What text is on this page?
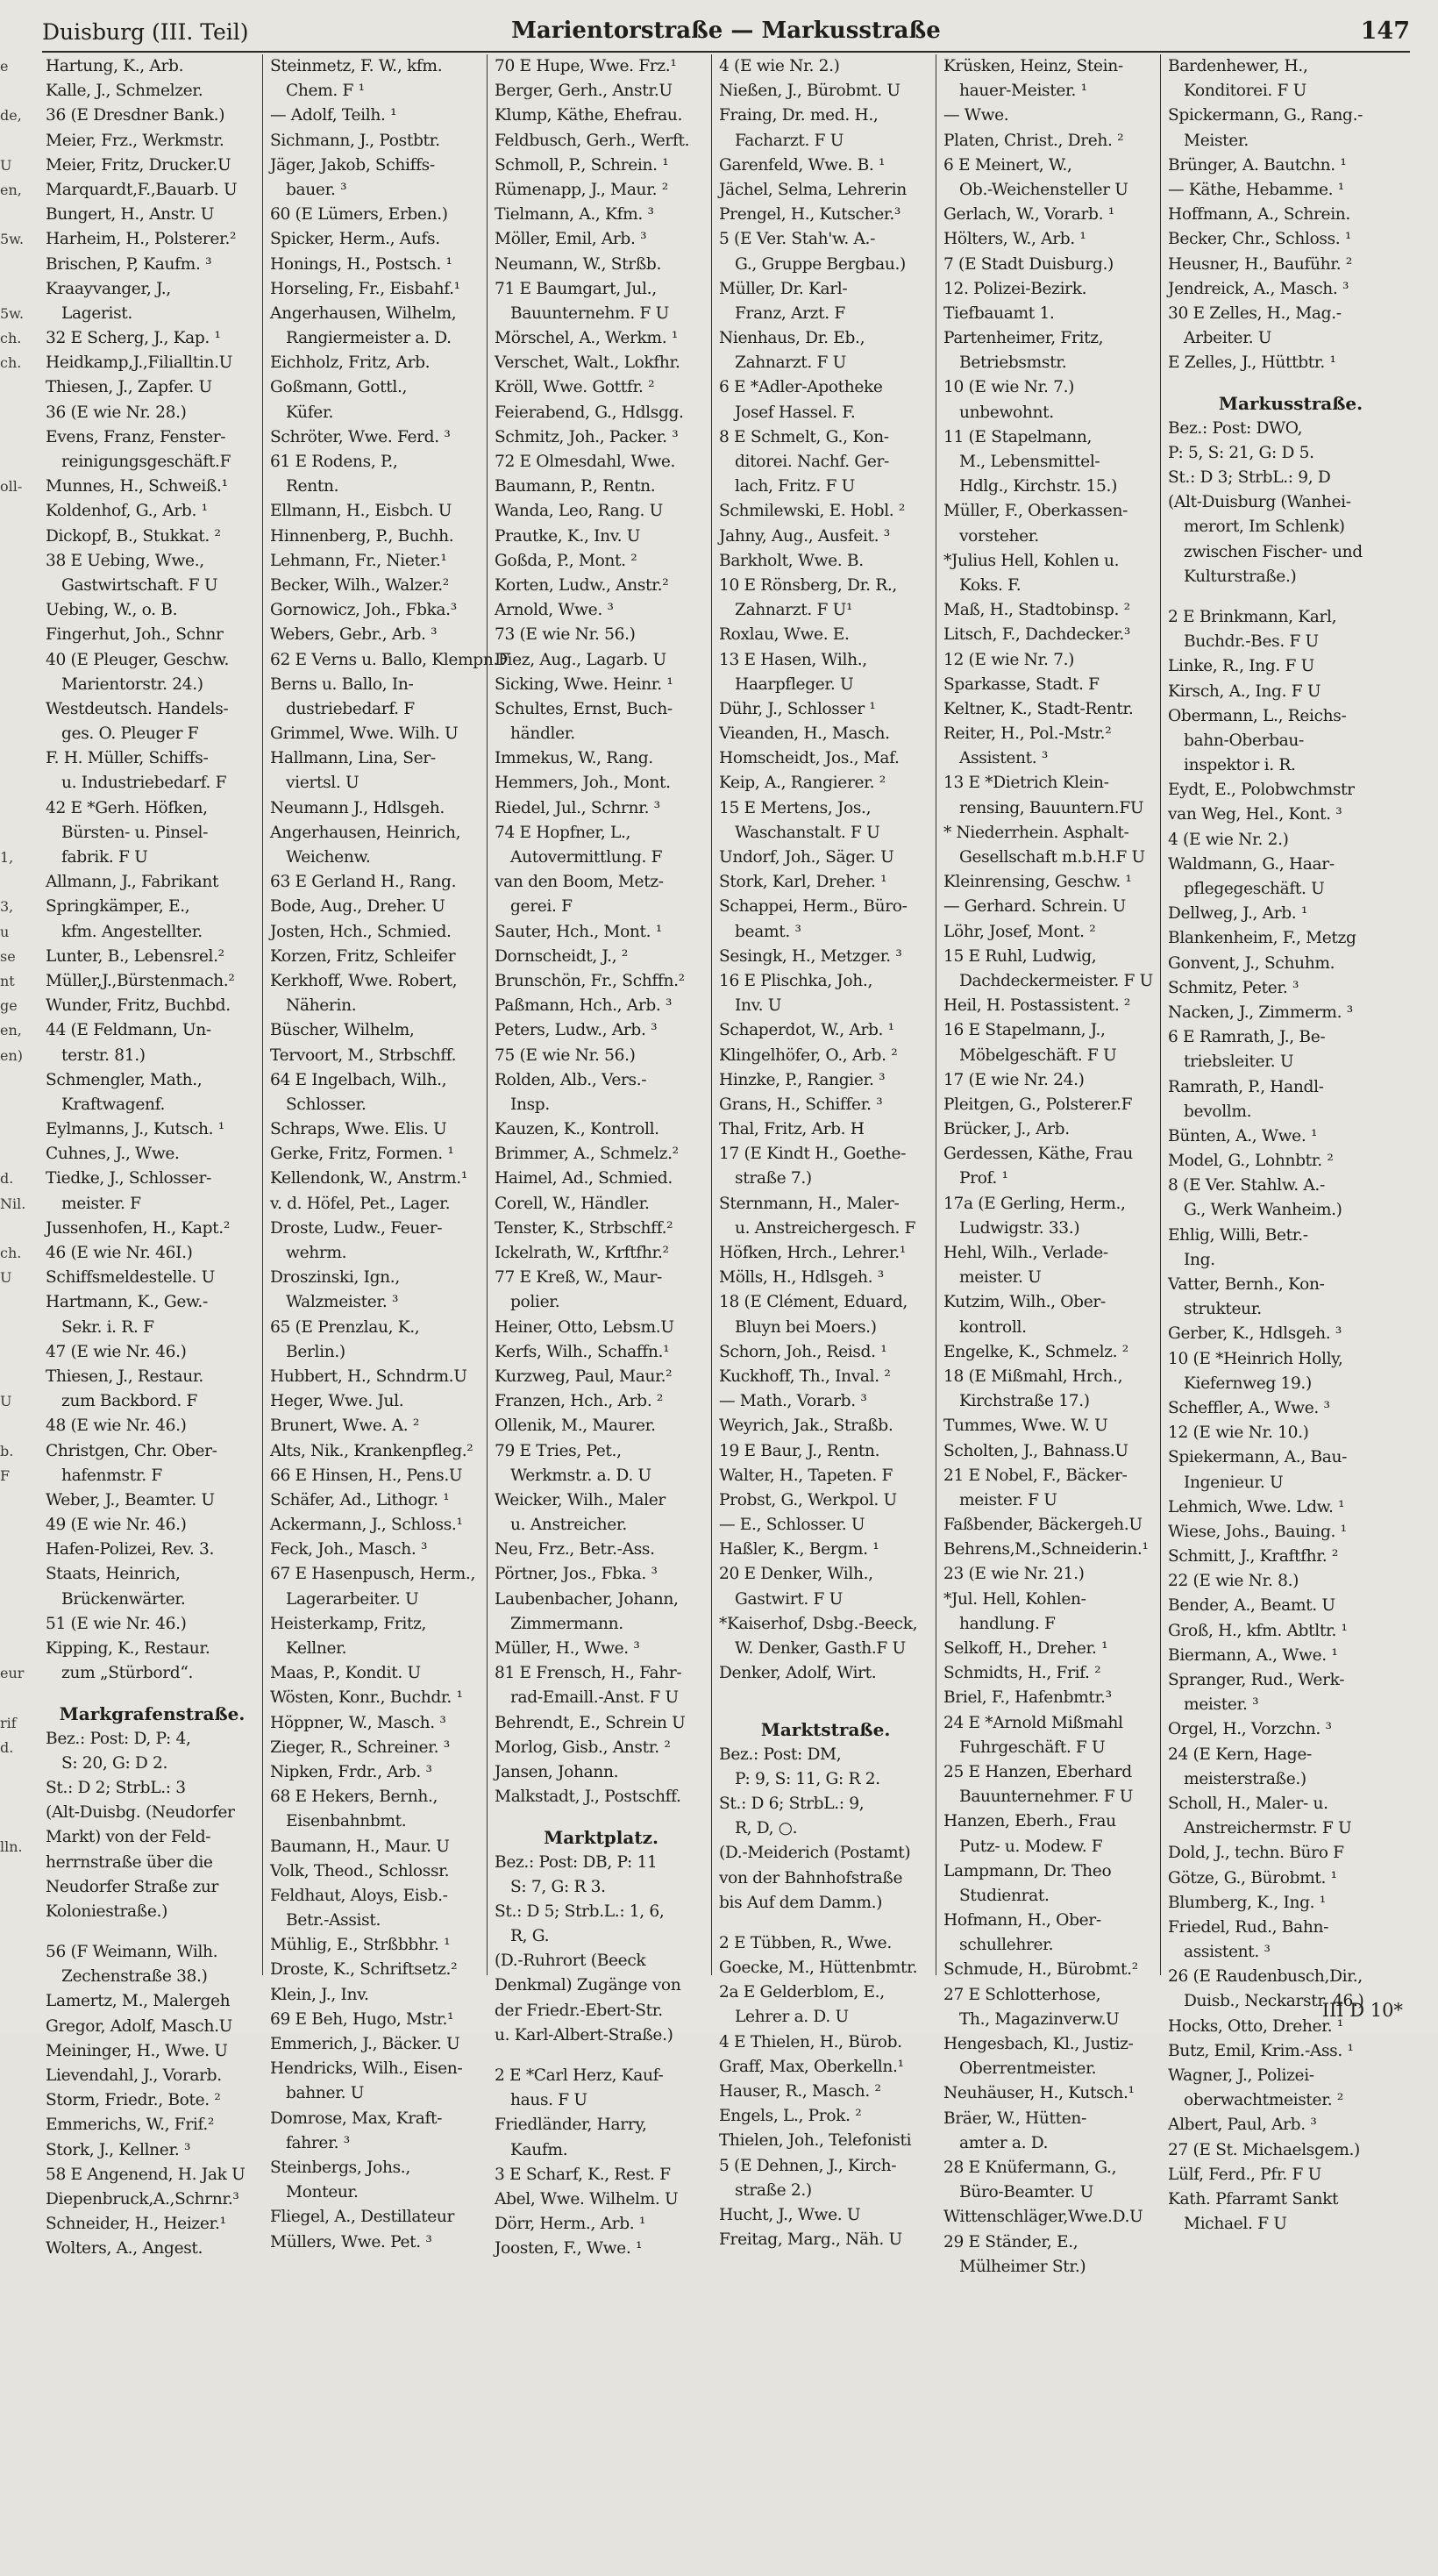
e
de,
U
en,
5w.
5w.
ch.
ch.
oll-
1,
3,
u
se
nt
ge
en,
en)
d.
Nil.
ch.
U
U
b.
F
eur
rif
d.
lln.
Duisburg (III. Teil)	Marientorstraße — Markusstraße	147
Hartung, K., Arb.
Kalle, J., Schmelzer.
36 (E Dresdner Bank.)
Meier, Frz., Werkmstr.
Meier, Fritz, Drucker.U
Marquardt,F.,Bauarb. U
Bungert, H., Anstr. U
Harheim, H., Polsterer.²
Brischen, P, Kaufm. ³
Kraayvanger, J.,
Lagerist.
32 E Scherg, J., Kap. ¹
Heidkamp,J.,Filialltin.U
Thiesen, J., Zapfer. U
36 (E wie Nr. 28.)
Evens, Franz, Fenster-
reinigungsgeschäft.F
Munnes, H., Schweiß.¹
Koldenhof, G., Arb. ¹
Dickopf, B., Stukkat. ²
38 E Uebing, Wwe.,
Gastwirtschaft. F U
Uebing, W., o. B.
Fingerhut, Joh., Schnr
40 (E Pleuger, Geschw.
Marientorstr. 24.)
Westdeutsch. Handels-
ges. O. Pleuger F
F. H. Müller, Schiffs-
u. Industriebedarf. F
42 E *Gerh. Höfken,
Bürsten- u. Pinsel-
fabrik. F U
Allmann, J., Fabrikant
Springkämper, E.,
kfm. Angestellter.
Lunter, B., Lebensrel.²
Müller,J.,Bürstenmach.²
Wunder, Fritz, Buchbd.
44 (E Feldmann, Un-
terstr. 81.)
Schmengler, Math.,
Kraftwagenf.
Eylmanns, J., Kutsch. ¹
Cuhnes, J., Wwe.
Tiedke, J., Schlosser-
meister. F
Jussenhofen, H., Kapt.²
46 (E wie Nr. 46I.)
Schiffsmeldestelle. U
Hartmann, K., Gew.-
Sekr. i. R. F
47 (E wie Nr. 46.)
Thiesen, J., Restaur.
zum Backbord. F
48 (E wie Nr. 46.)
Christgen, Chr. Ober-
hafenmstr. F
Weber, J., Beamter. U
49 (E wie Nr. 46.)
Hafen-Polizei, Rev. 3.
Staats, Heinrich,
Brückenwärter.
51 (E wie Nr. 46.)
Kipping, K., Restaur.
zum „Stürbord“.
Markgrafenstraße.
Bez.: Post: D, P: 4,
S: 20, G: D 2.
St.: D 2; StrbL.: 3
(Alt-Duisbg. (Neudorfer
Markt) von der Feld-
herrnstraße über die
Neudorfer Straße zur
Koloniestraße.)
56 (F Weimann, Wilh.
Zechenstraße 38.)
Lamertz, M., Malergeh
Gregor, Adolf, Masch.U
Meininger, H., Wwe. U
Lievendahl, J., Vorarb.
Storm, Friedr., Bote. ²
Emmerichs, W., Frif.²
Stork, J., Kellner. ³
58 E Angenend, H. Jak U
Diepenbruck,A.,Schrnr.³
Schneider, H., Heizer.¹
Wolters, A., Angest.
Steinmetz, F. W., kfm.
Chem. F ¹
— Adolf, Teilh. ¹
Sichmann, J., Postbtr.
Jäger, Jakob, Schiffs-
bauer. ³
60 (E Lümers, Erben.)
Spicker, Herm., Aufs.
Honings, H., Postsch. ¹
Horseling, Fr., Eisbahf.¹
Angerhausen, Wilhelm,
Rangiermeister a. D.
Eichholz, Fritz, Arb.
Goßmann, Gottl.,
Küfer.
Schröter, Wwe. Ferd. ³
61 E Rodens, P.,
Rentn.
Ellmann, H., Eisbch. U
Hinnenberg, P., Buchh.
Lehmann, Fr., Nieter.¹
Becker, Wilh., Walzer.²
Gornowicz, Joh., Fbka.³
Webers, Gebr., Arb. ³
62 E Verns u. Ballo, Klempn.F
Berns u. Ballo, In-
dustriebedarf. F
Grimmel, Wwe. Wilh. U
Hallmann, Lina, Ser-
viertsl. U
Neumann J., Hdlsgeh.
Angerhausen, Heinrich,
Weichenw.
63 E Gerland H., Rang.
Bode, Aug., Dreher. U
Josten, Hch., Schmied.
Korzen, Fritz, Schleifer
Kerkhoff, Wwe. Robert,
Näherin.
Büscher, Wilhelm,
Tervoort, M., Strbschff.
64 E Ingelbach, Wilh.,
Schlosser.
Schraps, Wwe. Elis. U
Gerke, Fritz, Formen. ¹
Kellendonk, W., Anstrm.¹
v. d. Höfel, Pet., Lager.
Droste, Ludw., Feuer-
wehrm.
Droszinski, Ign.,
Walzmeister. ³
65 (E Prenzlau, K.,
Berlin.)
Hubbert, H., Schndrm.U
Heger, Wwe. Jul.
Brunert, Wwe. A. ²
Alts, Nik., Krankenpfleg.²
66 E Hinsen, H., Pens.U
Schäfer, Ad., Lithogr. ¹
Ackermann, J., Schloss.¹
Feck, Joh., Masch. ³
67 E Hasenpusch, Herm.,
Lagerarbeiter. U
Heisterkamp, Fritz,
Kellner.
Maas, P., Kondit. U
Wösten, Konr., Buchdr. ¹
Höppner, W., Masch. ³
Zieger, R., Schreiner. ³
Nipken, Frdr., Arb. ³
68 E Hekers, Bernh.,
Eisenbahnbmt.
Baumann, H., Maur. U
Volk, Theod., Schlossr.
Feldhaut, Aloys, Eisb.-
Betr.-Assist.
Mühlig, E., Strßbbhr. ¹
Droste, K., Schriftsetz.²
Klein, J., Inv.
69 E Beh, Hugo, Mstr.¹
Emmerich, J., Bäcker. U
Hendricks, Wilh., Eisen-
bahner. U
Domrose, Max, Kraft-
fahrer. ³
Steinbergs, Johs.,
Monteur.
Fliegel, A., Destillateur
Müllers, Wwe. Pet. ³
70 E Hupe, Wwe. Frz.¹
Berger, Gerh., Anstr.U
Klump, Käthe, Ehefrau.
Feldbusch, Gerh., Werft.
Schmoll, P., Schrein. ¹
Rümenapp, J., Maur. ²
Tielmann, A., Kfm. ³
Möller, Emil, Arb. ³
Neumann, W., Strßb.
71 E Baumgart, Jul.,
Bauunternehm. F U
Mörschel, A., Werkm. ¹
Verschet, Walt., Lokfhr.
Kröll, Wwe. Gottfr. ²
Feierabend, G., Hdlsgg.
Schmitz, Joh., Packer. ³
72 E Olmesdahl, Wwe.
Baumann, P., Rentn.
Wanda, Leo, Rang. U
Prautke, K., Inv. U
Goßda, P., Mont. ²
Korten, Ludw., Anstr.²
Arnold, Wwe. ³
73 (E wie Nr. 56.)
Diez, Aug., Lagarb. U
Sicking, Wwe. Heinr. ¹
Schultes, Ernst, Buch-
händler.
Immekus, W., Rang.
Hemmers, Joh., Mont.
Riedel, Jul., Schrnr. ³
74 E Hopfner, L.,
Autovermittlung. F
van den Boom, Metz-
gerei. F
Sauter, Hch., Mont. ¹
Dornscheidt, J., ²
Brunschön, Fr., Schffn.²
Paßmann, Hch., Arb. ³
Peters, Ludw., Arb. ³
75 (E wie Nr. 56.)
Rolden, Alb., Vers.-
Insp.
Kauzen, K., Kontroll.
Brimmer, A., Schmelz.²
Haimel, Ad., Schmied.
Corell, W., Händler.
Tenster, K., Strbschff.²
Ickelrath, W., Krftfhr.²
77 E Kreß, W., Maur-
polier.
Heiner, Otto, Lebsm.U
Kerfs, Wilh., Schaffn.¹
Kurzweg, Paul, Maur.²
Franzen, Hch., Arb. ²
Ollenik, M., Maurer.
79 E Tries, Pet.,
Werkmstr. a. D. U
Weicker, Wilh., Maler
u. Anstreicher.
Neu, Frz., Betr.-Ass.
Pörtner, Jos., Fbka. ³
Laubenbacher, Johann,
Zimmermann.
Müller, H., Wwe. ³
81 E Frensch, H., Fahr-
rad-Emaill.-Anst. F U
Behrendt, E., Schrein U
Morlog, Gisb., Anstr. ²
Jansen, Johann.
Malkstadt, J., Postschff.
Marktplatz.
Bez.: Post: DB, P: 11
S: 7, G: R 3.
St.: D 5; Strb.L.: 1, 6,
R, G.
(D.-Ruhrort (Beeck
Denkmal) Zugänge von
der Friedr.-Ebert-Str.
u. Karl-Albert-Straße.)
2 E *Carl Herz, Kauf-
haus. F U
Friedländer, Harry,
Kaufm.
3 E Scharf, K., Rest. F
Abel, Wwe. Wilhelm. U
Dörr, Herm., Arb. ¹
Joosten, F., Wwe. ¹
4 (E wie Nr. 2.)
Nießen, J., Bürobmt. U
Fraing, Dr. med. H.,
Facharzt. F U
Garenfeld, Wwe. B. ¹
Jächel, Selma, Lehrerin
Prengel, H., Kutscher.³
5 (E Ver. Stah'w. A.-
G., Gruppe Bergbau.)
Müller, Dr. Karl-
Franz, Arzt. F
Nienhaus, Dr. Eb.,
Zahnarzt. F U
6 E *Adler-Apotheke
Josef Hassel. F.
8 E Schmelt, G., Kon-
ditorei. Nachf. Ger-
lach, Fritz. F U
Schmilewski, E. Hobl. ²
Jahny, Aug., Ausfeit. ³
Barkholt, Wwe. B.
10 E Rönsberg, Dr. R.,
Zahnarzt. F U¹
Roxlau, Wwe. E.
13 E Hasen, Wilh.,
Haarpfleger. U
Dühr, J., Schlosser ¹
Vieanden, H., Masch.
Homscheidt, Jos., Maf.
Keip, A., Rangierer. ²
15 E Mertens, Jos.,
Waschanstalt. F U
Undorf, Joh., Säger. U
Stork, Karl, Dreher. ¹
Schappei, Herm., Büro-
beamt. ³
Sesingk, H., Metzger. ³
16 E Plischka, Joh.,
Inv. U
Schaperdot, W., Arb. ¹
Klingelhöfer, O., Arb. ²
Hinzke, P., Rangier. ³
Grans, H., Schiffer. ³
Thal, Fritz, Arb. H
17 (E Kindt H., Goethe-
straße 7.)
Sternmann, H., Maler-
u. Anstreichergesch. F
Höfken, Hrch., Lehrer.¹
Mölls, H., Hdlsgeh. ³
18 (E Clément, Eduard,
Bluyn bei Moers.)
Schorn, Joh., Reisd. ¹
Kuckhoff, Th., Inval. ²
— Math., Vorarb. ³
Weyrich, Jak., Straßb.
19 E Baur, J., Rentn.
Walter, H., Tapeten. F
Probst, G., Werkpol. U
— E., Schlosser. U
Haßler, K., Bergm. ¹
20 E Denker, Wilh.,
Gastwirt. F U
*Kaiserhof, Dsbg.-Beeck,
W. Denker, Gasth.F U
Denker, Adolf, Wirt.
Marktstraße.
Bez.: Post: DM,
P: 9, S: 11, G: R 2.
St.: D 6; StrbL.: 9,
R, D, ○.
(D.-Meiderich (Postamt)
von der Bahnhofstraße
bis Auf dem Damm.)
2 E Tübben, R., Wwe.
Goecke, M., Hüttenbmtr.
2a E Gelderblom, E.,
Lehrer a. D. U
4 E Thielen, H., Bürob.
Graff, Max, Oberkelln.¹
Hauser, R., Masch. ²
Engels, L., Prok. ²
Thielen, Joh., Telefonisti
5 (E Dehnen, J., Kirch-
straße 2.)
Hucht, J., Wwe. U
Freitag, Marg., Näh. U
Krüsken, Heinz, Stein-
hauer-Meister. ¹
— Wwe.
Platen, Christ., Dreh. ²
6 E Meinert, W.,
Ob.-Weichensteller U
Gerlach, W., Vorarb. ¹
Hölters, W., Arb. ¹
7 (E Stadt Duisburg.)
12. Polizei-Bezirk.
Tiefbauamt 1.
Partenheimer, Fritz,
Betriebsmstr.
10 (E wie Nr. 7.)
unbewohnt.
11 (E Stapelmann,
M., Lebensmittel-
Hdlg., Kirchstr. 15.)
Müller, F., Oberkassen-
vorsteher.
*Julius Hell, Kohlen u.
Koks. F.
Maß, H., Stadtobinsp. ²
Litsch, F., Dachdecker.³
12 (E wie Nr. 7.)
Sparkasse, Stadt. F
Keltner, K., Stadt-Rentr.
Reiter, H., Pol.-Mstr.²
Assistent. ³
13 E *Dietrich Klein-
rensing, Bauuntern.FU
* Niederrhein. Asphalt-
Gesellschaft m.b.H.F U
Kleinrensing, Geschw. ¹
— Gerhard. Schrein. U
Löhr, Josef, Mont. ²
15 E Ruhl, Ludwig,
Dachdeckermeister. F U
Heil, H. Postassistent. ²
16 E Stapelmann, J.,
Möbelgeschäft. F U
17 (E wie Nr. 24.)
Pleitgen, G., Polsterer.F
Brücker, J., Arb.
Gerdessen, Käthe, Frau
Prof. ¹
17a (E Gerling, Herm.,
Ludwigstr. 33.)
Hehl, Wilh., Verlade-
meister. U
Kutzim, Wilh., Ober-
kontroll.
Engelke, K., Schmelz. ²
18 (E Mißmahl, Hrch.,
Kirchstraße 17.)
Tummes, Wwe. W. U
Scholten, J., Bahnass.U
21 E Nobel, F., Bäcker-
meister. F U
Faßbender, Bäckergeh.U
Behrens,M.,Schneiderin.¹
23 (E wie Nr. 21.)
*Jul. Hell, Kohlen-
handlung. F
Selkoff, H., Dreher. ¹
Schmidts, H., Frif. ²
Briel, F., Hafenbmtr.³
24 E *Arnold Mißmahl
Fuhrgeschäft. F U
25 E Hanzen, Eberhard
Bauunternehmer. F U
Hanzen, Eberh., Frau
Putz- u. Modew. F
Lampmann, Dr. Theo
Studienrat.
Hofmann, H., Ober-
schullehrer.
Schmude, H., Bürobmt.²
27 E Schlotterhose,
Th., Magazinverw.U
Hengesbach, Kl., Justiz-
Oberrentmeister.
Neuhäuser, H., Kutsch.¹
Bräer, W., Hütten-
amter a. D.
28 E Knüfermann, G.,
Büro-Beamter. U
Wittenschläger,Wwe.D.U
29 E Ständer, E.,
Mülheimer Str.)
Bardenhewer, H.,
Konditorei. F U
Spickermann, G., Rang.-
Meister.
Brünger, A. Bautchn. ¹
— Käthe, Hebamme. ¹
Hoffmann, A., Schrein.
Becker, Chr., Schloss. ¹
Heusner, H., Bauführ. ²
Jendreick, A., Masch. ³
30 E Zelles, H., Mag.-
Arbeiter. U
E Zelles, J., Hüttbtr. ¹
Markusstraße.
Bez.: Post: DWO,
P: 5, S: 21, G: D 5.
St.: D 3; StrbL.: 9, D
(Alt-Duisburg (Wanhei-
merort, Im Schlenk)
zwischen Fischer- und
Kulturstraße.)
2 E Brinkmann, Karl,
Buchdr.-Bes. F U
Linke, R., Ing. F U
Kirsch, A., Ing. F U
Obermann, L., Reichs-
bahn-Oberbau-
inspektor i. R.
Eydt, E., Polobwchmstr
van Weg, Hel., Kont. ³
4 (E wie Nr. 2.)
Waldmann, G., Haar-
pflegegeschäft. U
Dellweg, J., Arb. ¹
Blankenheim, F., Metzg
Gonvent, J., Schuhm.
Schmitz, Peter. ³
Nacken, J., Zimmerm. ³
6 E Ramrath, J., Be-
triebsleiter. U
Ramrath, P., Handl-
bevollm.
Bünten, A., Wwe. ¹
Model, G., Lohnbtr. ²
8 (E Ver. Stahlw. A.-
G., Werk Wanheim.)
Ehlig, Willi, Betr.-
Ing.
Vatter, Bernh., Kon-
strukteur.
Gerber, K., Hdlsgeh. ³
10 (E *Heinrich Holly,
Kiefernweg 19.)
Scheffler, A., Wwe. ³
12 (E wie Nr. 10.)
Spiekermann, A., Bau-
Ingenieur. U
Lehmich, Wwe. Ldw. ¹
Wiese, Johs., Bauing. ¹
Schmitt, J., Kraftfhr. ²
22 (E wie Nr. 8.)
Bender, A., Beamt. U
Groß, H., kfm. Abtltr. ¹
Biermann, A., Wwe. ¹
Spranger, Rud., Werk-
meister. ³
Orgel, H., Vorzchn. ³
24 (E Kern, Hage-
meisterstraße.)
Scholl, H., Maler- u.
Anstreichermstr. F U
Dold, J., techn. Büro F
Götze, G., Bürobmt. ¹
Blumberg, K., Ing. ¹
Friedel, Rud., Bahn-
assistent. ³
26 (E Raudenbusch,Dir.,
Duisb., Neckarstr. 46.)
Hocks, Otto, Dreher. ¹
Butz, Emil, Krim.-Ass. ¹
Wagner, J., Polizei-
oberwachtmeister. ²
Albert, Paul, Arb. ³
27 (E St. Michaelsgem.)
Lülf, Ferd., Pfr. F U
Kath. Pfarramt Sankt
Michael. F U
III D 10*
